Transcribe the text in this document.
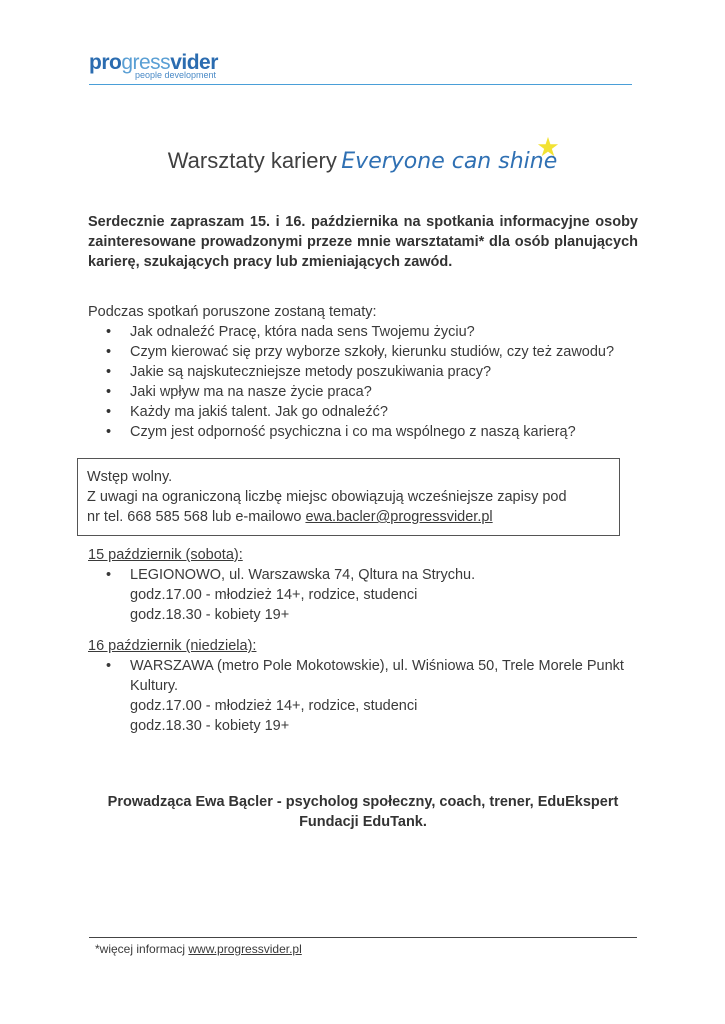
progressvider
people development
Warsztaty kariery Everyone can shine
Serdecznie zapraszam 15. i 16. października na spotkania informacyjne osoby zainteresowane prowadzonymi przeze mnie warsztatami* dla osób planujących karierę, szukających pracy lub zmieniających zawód.
Podczas spotkań poruszone zostaną tematy:
• Jak odnaleźć Pracę, która nada sens Twojemu życiu?
• Czym kierować się przy wyborze szkoły, kierunku studiów, czy też zawodu?
• Jakie są najskuteczniejsze metody poszukiwania pracy?
• Jaki wpływ ma na nasze życie praca?
• Każdy ma jakiś talent. Jak go odnaleźć?
• Czym jest odporność psychiczna i co ma wspólnego z naszą karierą?
Wstęp wolny.
Z uwagi na ograniczoną liczbę miejsc obowiązują wcześniejsze zapisy pod
nr tel. 668 585 568 lub e-mailowo ewa.bacler@progressvider.pl
15 październik (sobota):
• LEGIONOWO, ul. Warszawska 74, Qltura na Strychu.
godz.17.00 - młodzież 14+, rodzice, studenci
godz.18.30 - kobiety 19+
16 październik (niedziela):
• WARSZAWA (metro Pole Mokotowskie), ul. Wiśniowa 50, Trele Morele Punkt Kultury.
godz.17.00 - młodzież 14+, rodzice, studenci
godz.18.30 - kobiety 19+
Prowadząca Ewa Bącler - psycholog społeczny, coach, trener, EduEkspert Fundacji EduTank.
*więcej informacj www.progressvider.pl
